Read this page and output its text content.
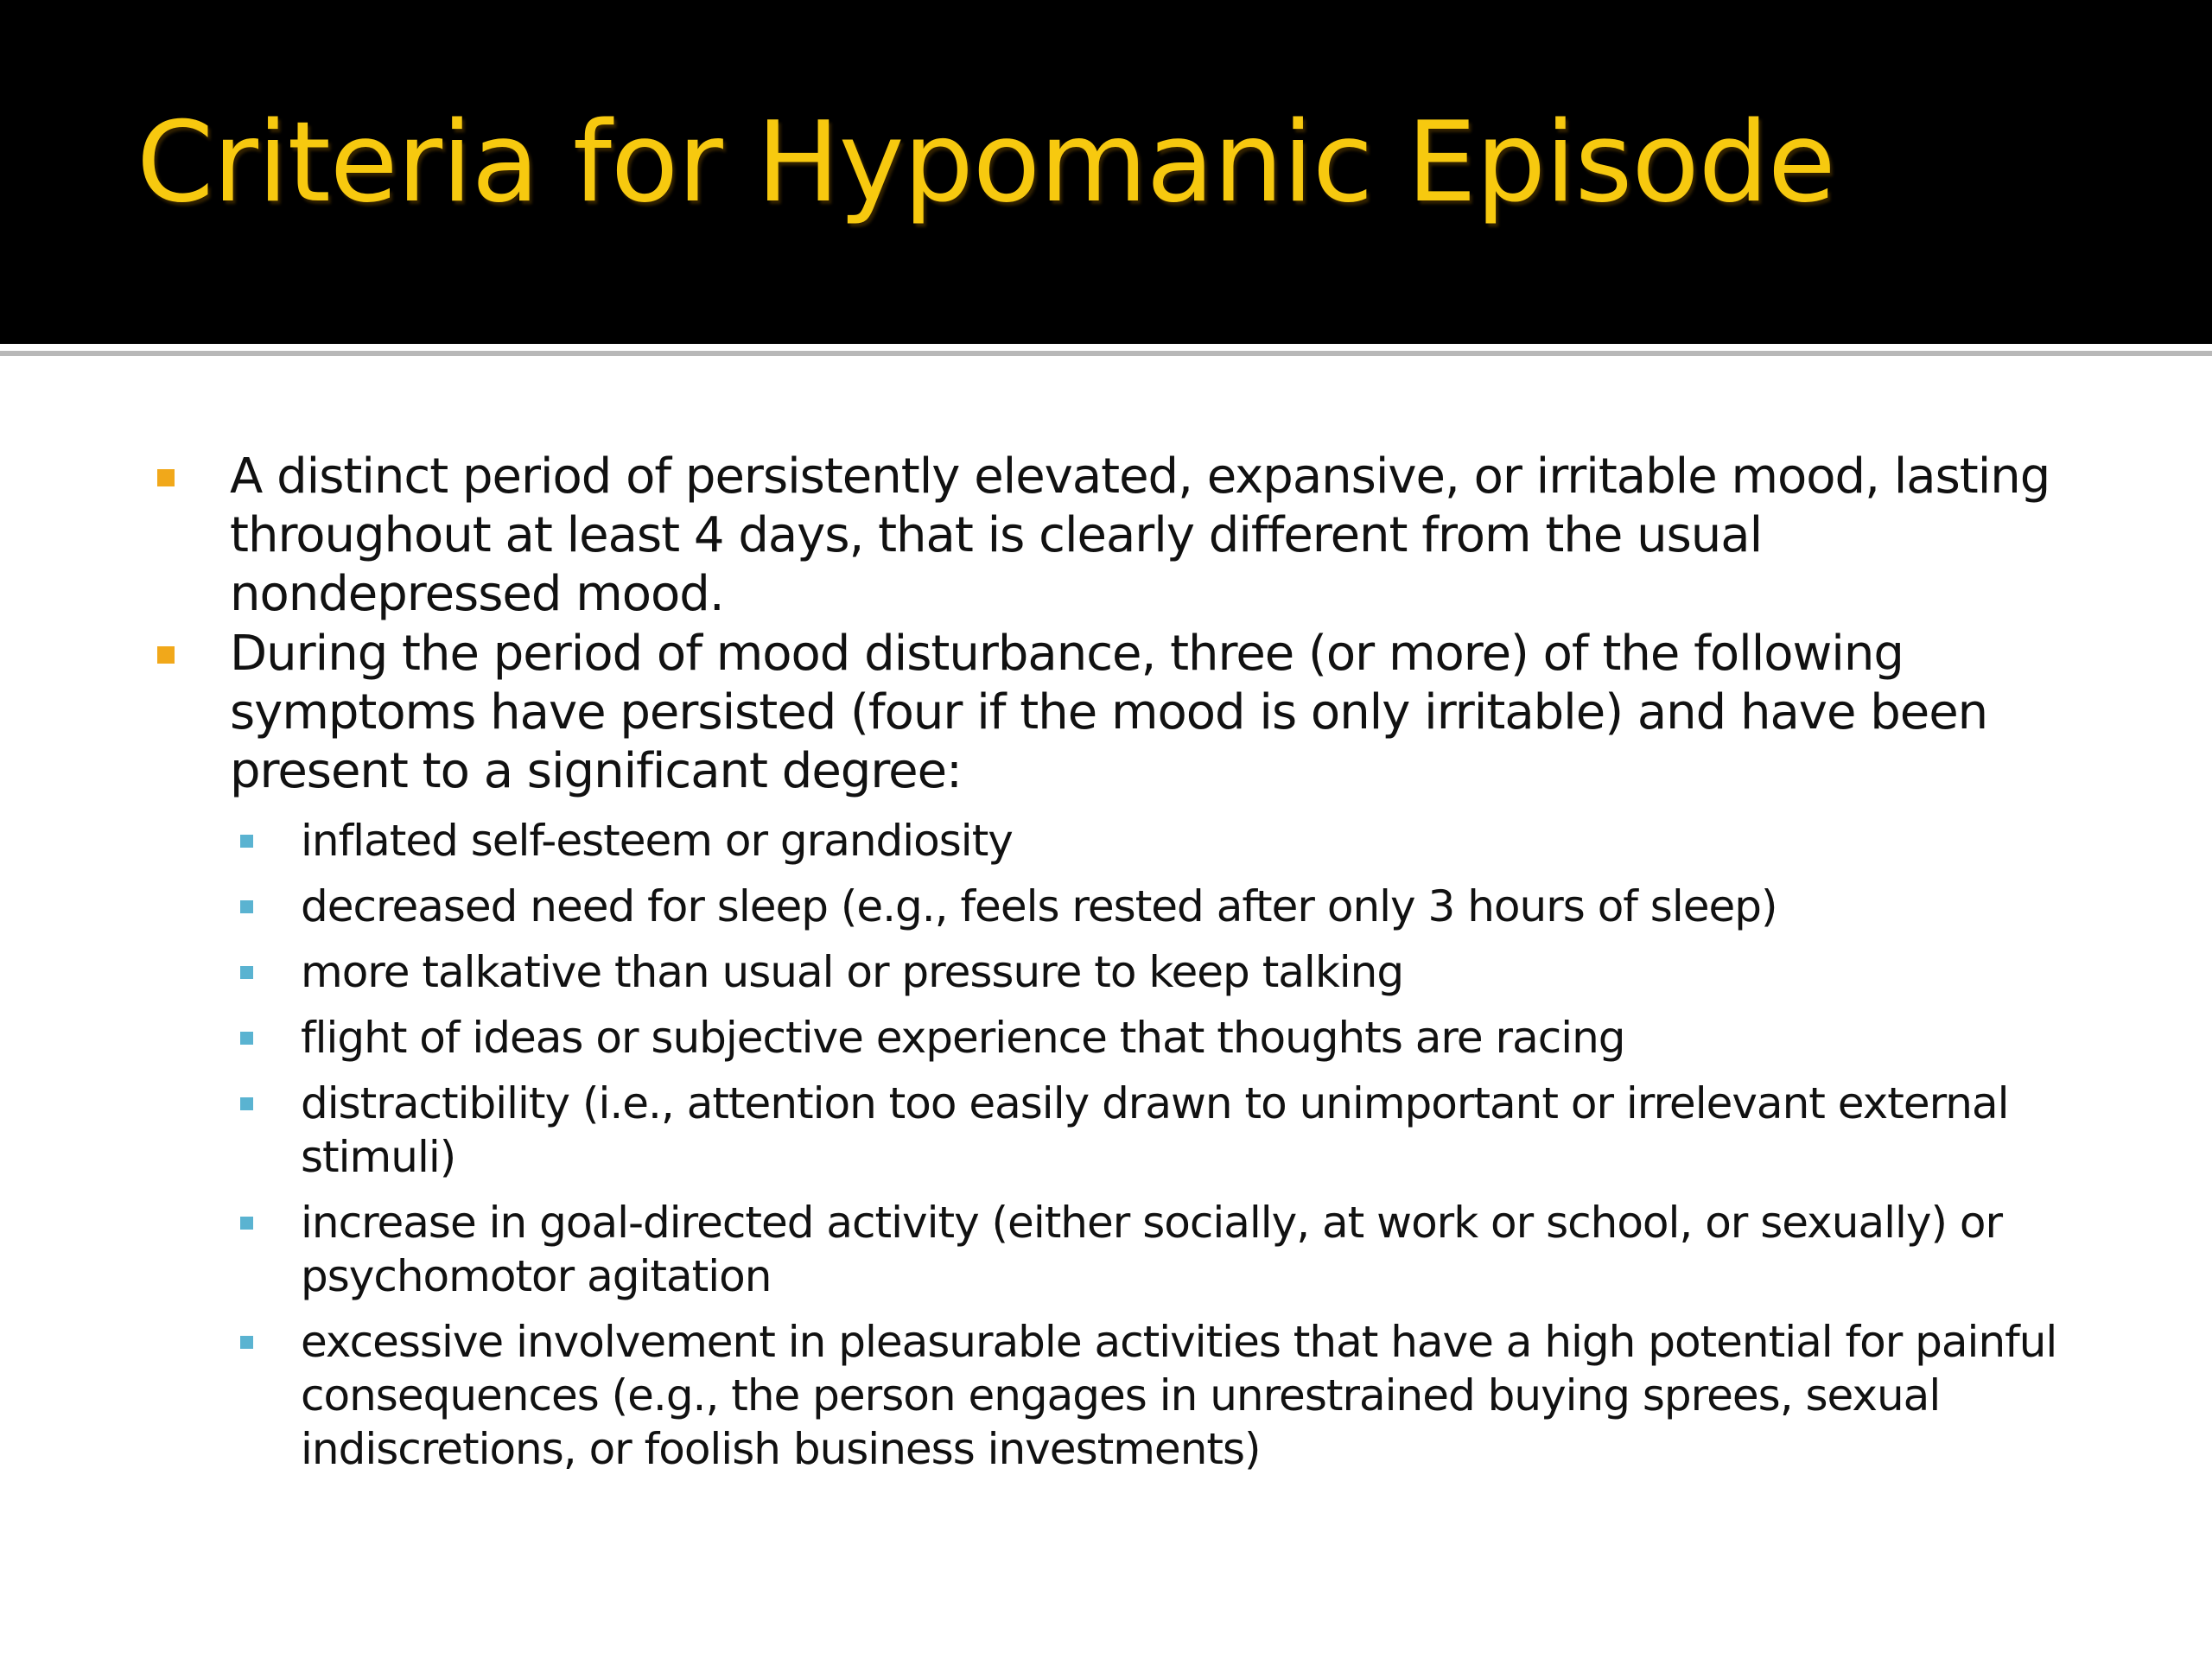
Criteria for Hypomanic Episode

A distinct period of persistently elevated, expansive, or irritable mood, lasting throughout at least 4 days, that is clearly different from the usual nondepressed mood.

During the period of mood disturbance, three (or more) of the following symptoms have persisted (four if the mood is only irritable) and have been present to a significant degree:

inflated self-esteem or grandiosity

decreased need for sleep (e.g., feels rested after only 3 hours of sleep)

more talkative than usual or pressure to keep talking

flight of ideas or subjective experience that thoughts are racing

distractibility (i.e., attention too easily drawn to unimportant or irrelevant external stimuli)

increase in goal-directed activity (either socially, at work or school, or sexually) or psychomotor agitation

excessive involvement in pleasurable activities that have a high potential for painful consequences (e.g., the person engages in unrestrained buying sprees, sexual indiscretions, or foolish business investments)
